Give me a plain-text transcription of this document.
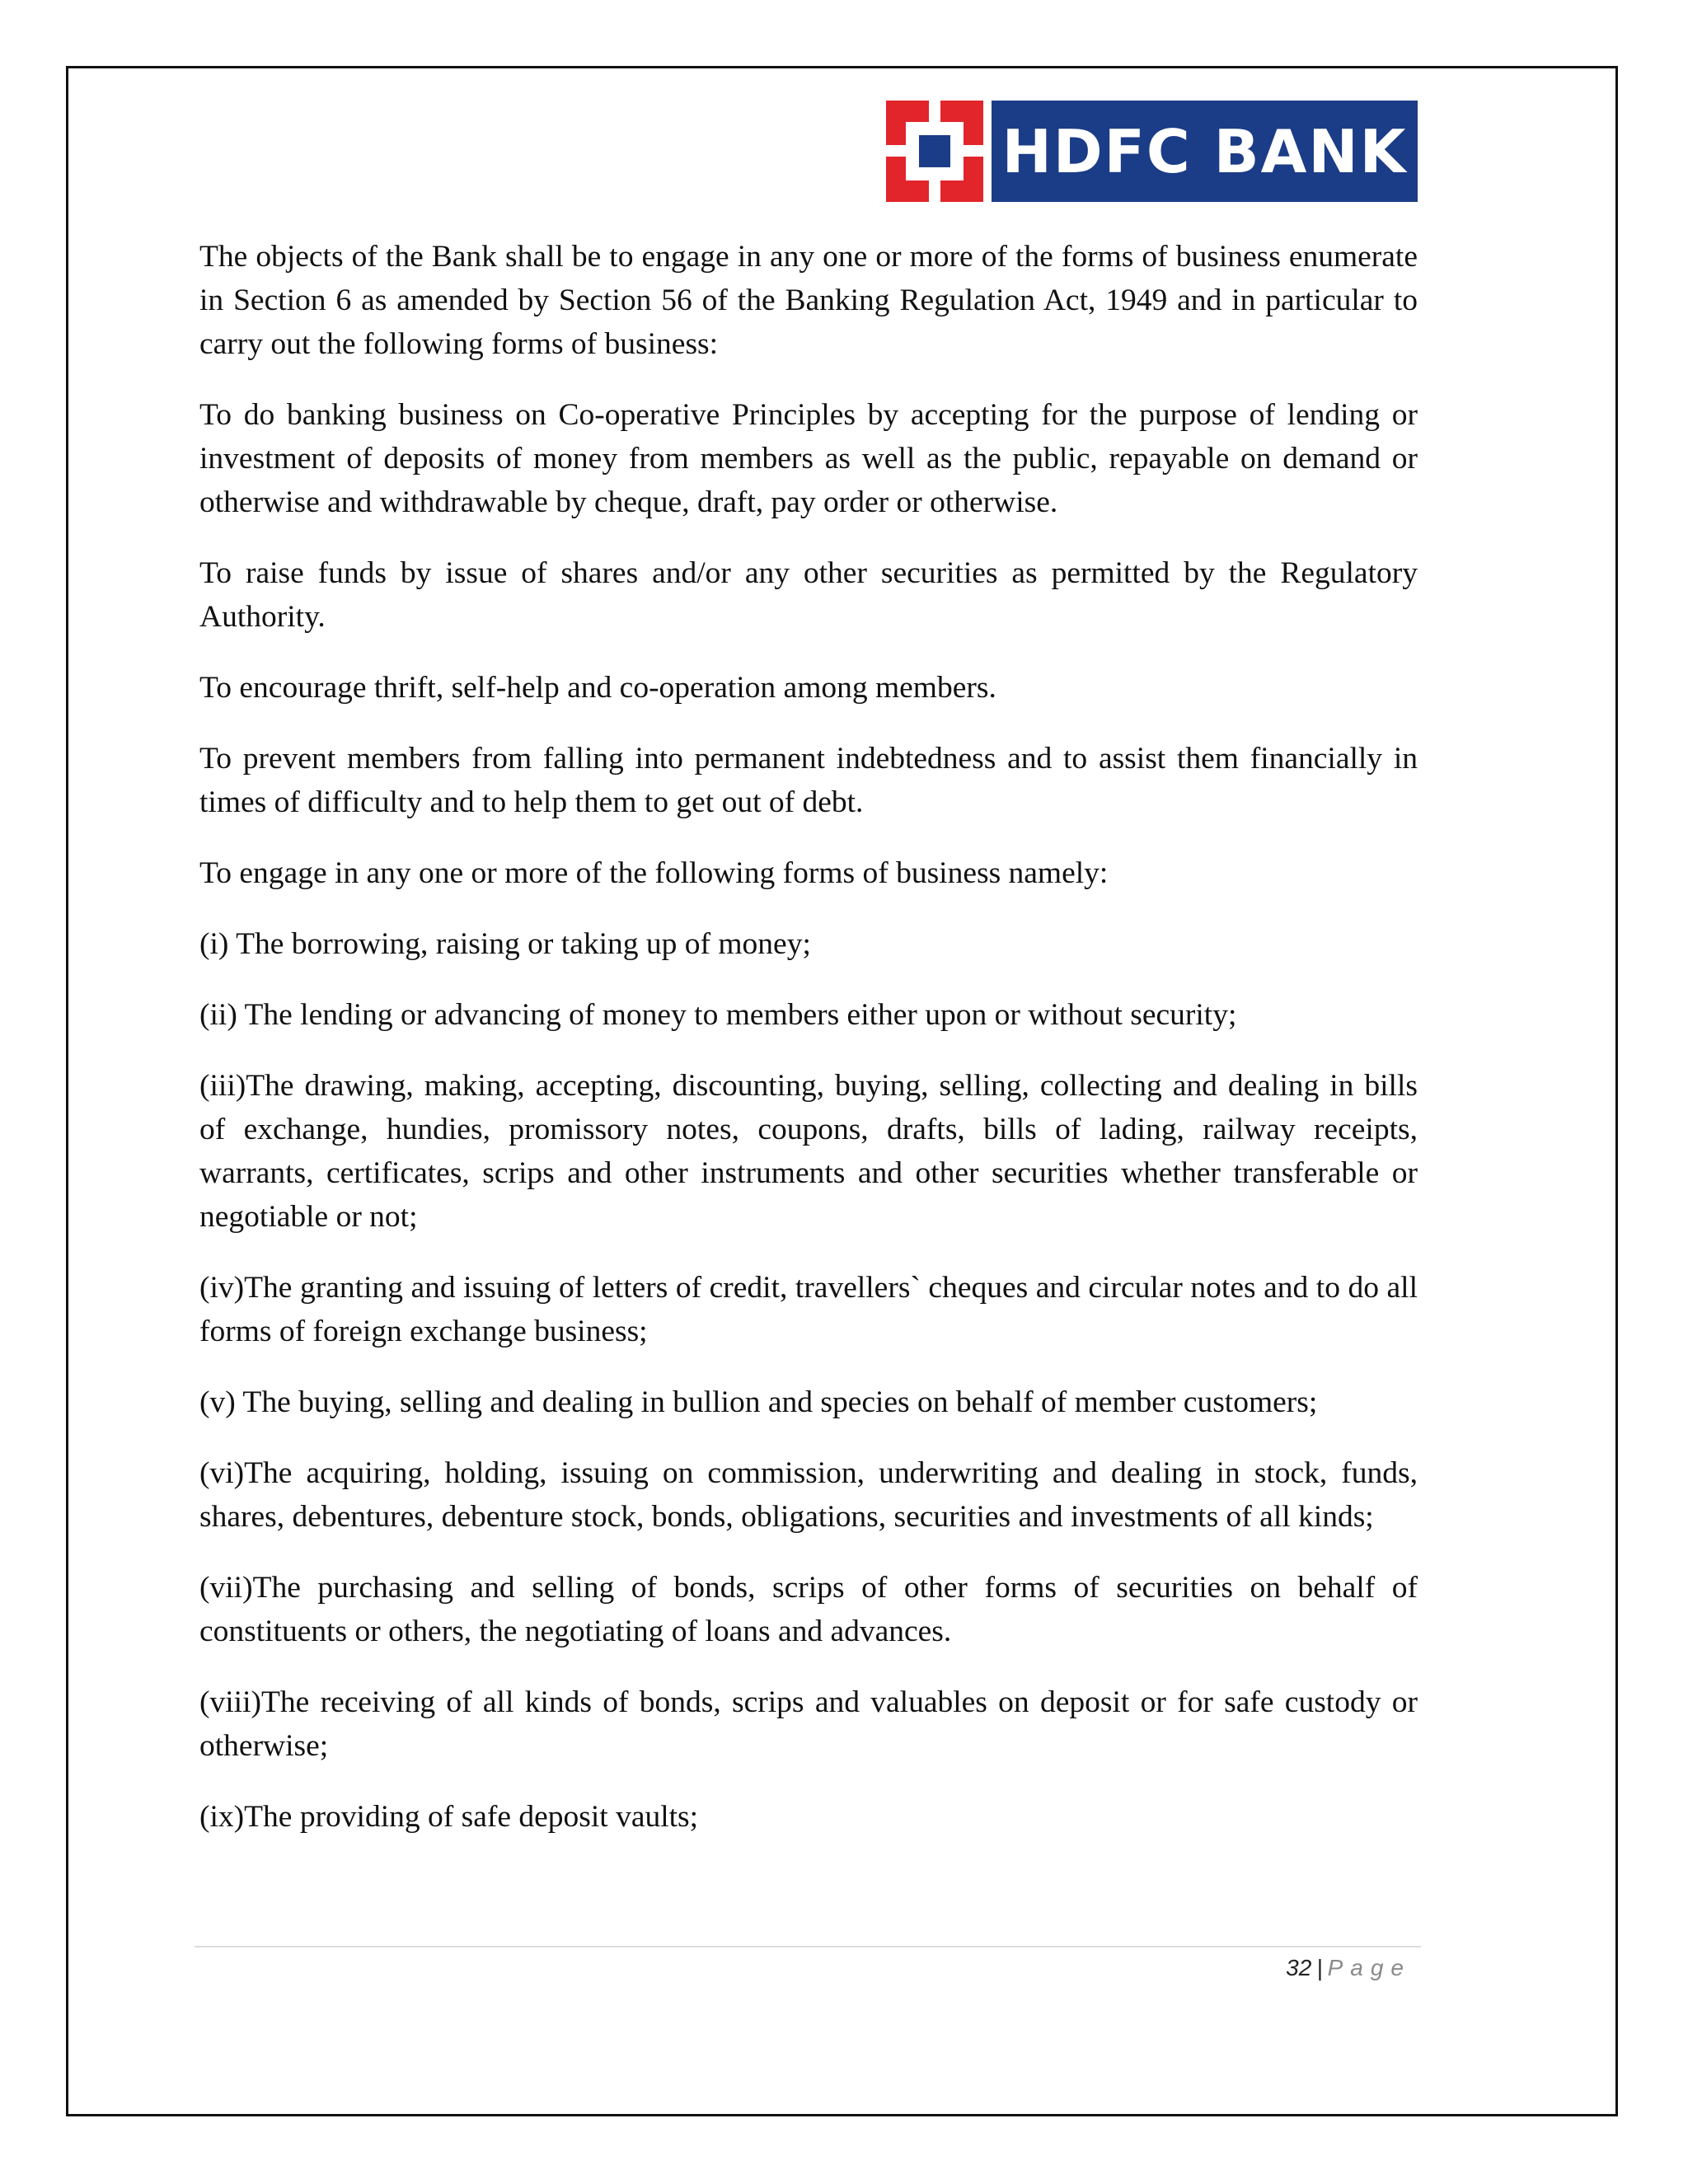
HDFC BANK

The objects of the Bank shall be to engage in any one or more of the forms of business enumerate in Section 6 as amended by Section 56 of the Banking Regulation Act, 1949 and in particular to carry out the following forms of business:

To do banking business on Co-operative Principles by accepting for the purpose of lending or investment of deposits of money from members as well as the public, repayable on demand or otherwise and withdrawable by cheque, draft, pay order or otherwise.

To raise funds by issue of shares and/or any other securities as permitted by the Regulatory Authority.

To encourage thrift, self-help and co-operation among members.

To prevent members from falling into permanent indebtedness and to assist them financially in times of difficulty and to help them to get out of debt.

To engage in any one or more of the following forms of business namely:

(i) The borrowing, raising or taking up of money;

(ii) The lending or advancing of money to members either upon or without security;

(iii)The drawing, making, accepting, discounting, buying, selling, collecting and dealing in bills of exchange, hundies, promissory notes, coupons, drafts, bills of lading, railway receipts, warrants, certificates, scrips and other instruments and other securities whether transferable or negotiable or not;

(iv)The granting and issuing of letters of credit, travellers` cheques and circular notes and to do all forms of foreign exchange business;

(v) The buying, selling and dealing in bullion and species on behalf of member customers;

(vi)The acquiring, holding, issuing on commission, underwriting and dealing in stock, funds, shares, debentures, debenture stock, bonds, obligations, securities and investments of all kinds;

(vii)The purchasing and selling of bonds, scrips of other forms of securities on behalf of constituents or others, the negotiating of loans and advances.

(viii)The receiving of all kinds of bonds, scrips and valuables on deposit or for safe custody or otherwise;

(ix)The providing of safe deposit vaults;

32 | Page
